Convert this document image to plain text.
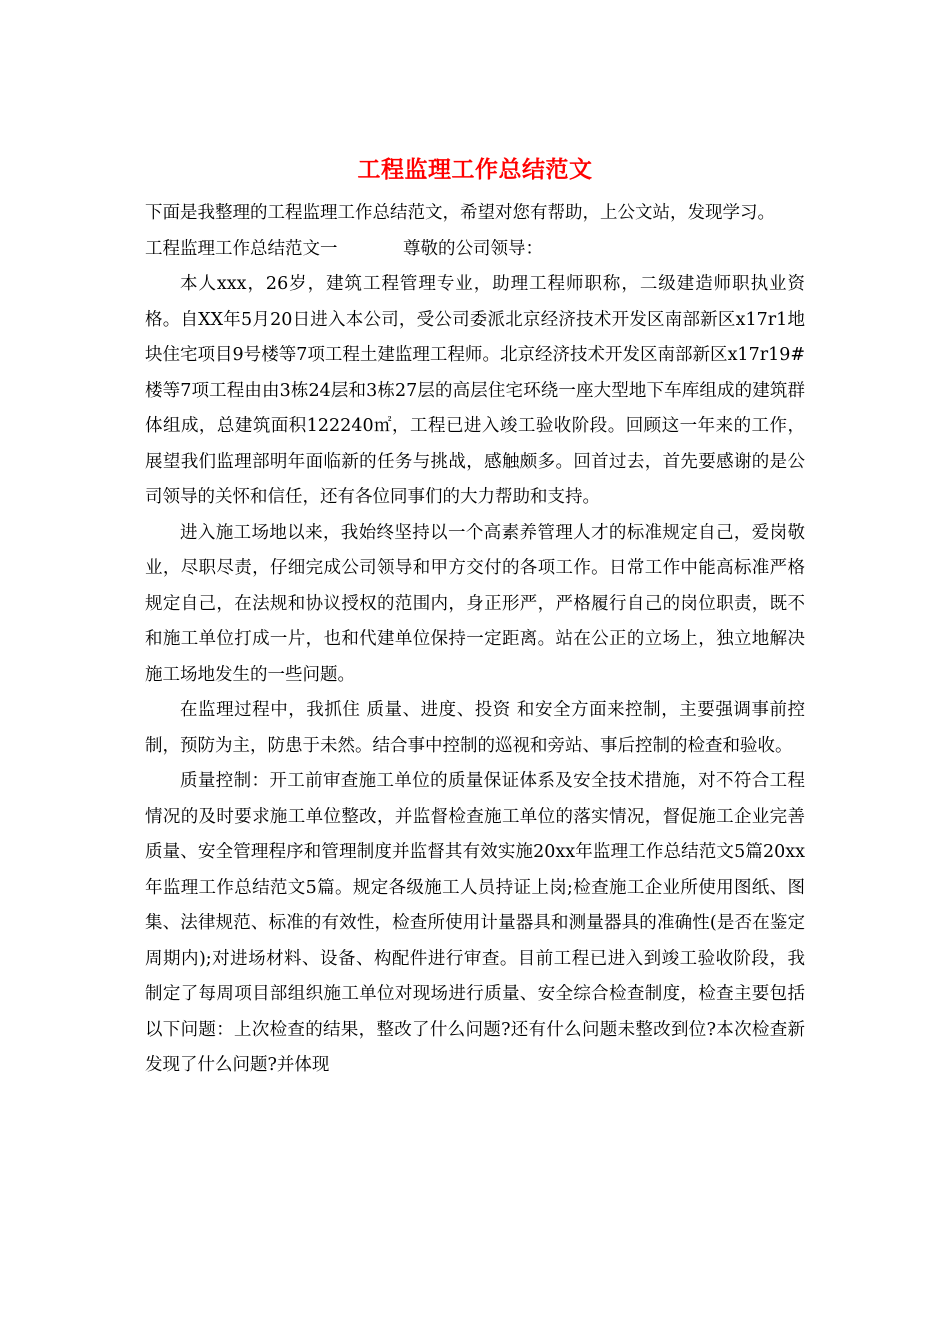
工程监理工作总结范文

下面是我整理的工程监理工作总结范文，希望对您有帮助，上公文站，发现学习。

工程监理工作总结范文一	尊敬的公司领导：

本人xxx，26岁，建筑工程管理专业，助理工程师职称，二级建造师职执业资格。自XX年5月20日进入本公司，受公司委派北京经济技术开发区南部新区x17r1地块住宅项目9号楼等7项工程土建监理工程师。北京经济技术开发区南部新区x17r19#楼等7项工程由由3栋24层和3栋27层的高层住宅环绕一座大型地下车库组成的建筑群体组成，总建筑面积122240㎡，工程已进入竣工验收阶段。回顾这一年来的工作，展望我们监理部明年面临新的任务与挑战，感触颇多。回首过去，首先要感谢的是公司领导的关怀和信任，还有各位同事们的大力帮助和支持。

进入施工场地以来，我始终坚持以一个高素养管理人才的标准规定自己，爱岗敬业，尽职尽责，仔细完成公司领导和甲方交付的各项工作。日常工作中能高标准严格规定自己，在法规和协议授权的范围内，身正形严，严格履行自己的岗位职责，既不和施工单位打成一片，也和代建单位保持一定距离。站在公正的立场上，独立地解决施工场地发生的一些问题。

在监理过程中，我抓住 质量、进度、投资 和安全方面来控制，主要强调事前控制，预防为主，防患于未然。结合事中控制的巡视和旁站、事后控制的检查和验收。

质量控制：开工前审查施工单位的质量保证体系及安全技术措施，对不符合工程情况的及时要求施工单位整改，并监督检查施工单位的落实情况，督促施工企业完善质量、安全管理程序和管理制度并监督其有效实施20xx年监理工作总结范文5篇20xx年监理工作总结范文5篇。规定各级施工人员持证上岗;检查施工企业所使用图纸、图集、法律规范、标准的有效性，检查所使用计量器具和测量器具的准确性(是否在鉴定周期内);对进场材料、设备、构配件进行审查。目前工程已进入到竣工验收阶段，我制定了每周项目部组织施工单位对现场进行质量、安全综合检查制度，检查主要包括以下问题：上次检查的结果，整改了什么问题?还有什么问题未整改到位?本次检查新发现了什么问题?并体现
